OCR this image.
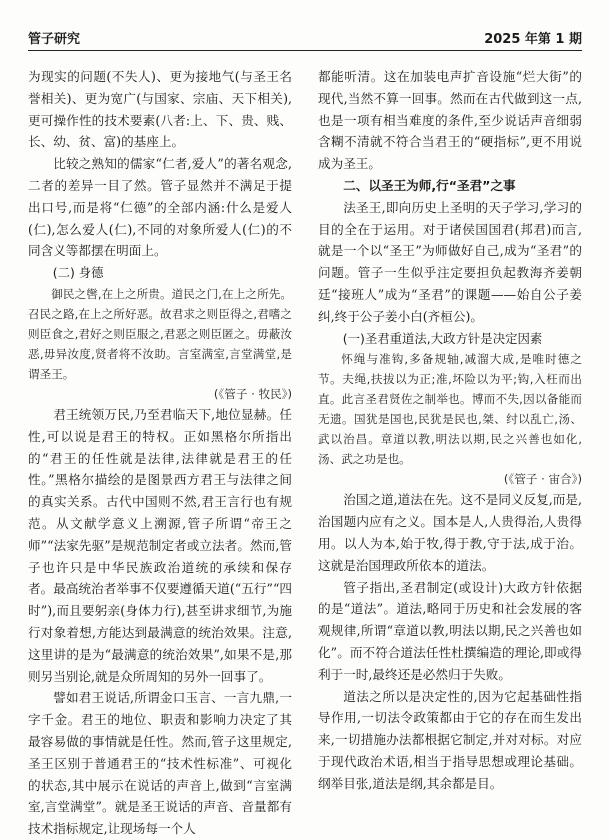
管子研究	2025 年第 1 期

为现实的问题(不失人)、更为接地气(与圣王名誉相关)、更为宽广(与国家、宗庙、天下相关),更可操作性的技术要素(八者:上、下、贵、贱、长、幼、贫、富)的基座上。

比较之熟知的儒家“仁者,爱人”的著名观念,二者的差异一目了然。管子显然并不满足于提出口号,而是将“仁德”的全部内涵:什么是爱人(仁),怎么爱人(仁),不同的对象所爱人(仁)的不同含义等都摆在明面上。

(二) 身德

御民之辔,在上之所贵。道民之门,在上之所先。召民之路,在上之所好恶。故君求之则臣得之,君嗜之则臣食之,君好之则臣服之,君恶之则臣匿之。毋蔽汝恶,毋异汝度,贤者将不汝助。言室满室,言堂满堂,是谓圣王。

(《管子 · 牧民》)

君王统领万民,乃至君临天下,地位显赫。任性,可以说是君王的特权。正如黑格尔所指出的“君王的任性就是法律,法律就是君王的任性。”黑格尔描绘的是图景西方君王与法律之间的真实关系。古代中国则不然,君王言行也有规范。从文献学意义上溯源,管子所谓“帝王之师”“法家先驱”是规范制定者或立法者。然而,管子也许只是中华民族政治道统的承续和保存者。最高统治者举事不仅要遵循天道(“五行”“四时”),而且要躬亲(身体力行),甚至讲求细节,为施行对象着想,方能达到最满意的统治效果。注意,这里讲的是为“最满意的统治效果”,如果不是,那则另当别论,就是众所周知的另外一回事了。

譬如君王说话,所谓金口玉言、一言九鼎,一字千金。君王的地位、职责和影响力决定了其最容易做的事情就是任性。然而,管子这里规定,圣王区别于普通君王的“技术性标准”、可视化的状态,其中展示在说话的声音上,做到“言室满室,言堂满堂”。就是圣王说话的声音、音量都有技术指标规定,让现场每一个人

都能听清。这在加装电声扩音设施“烂大街”的现代,当然不算一回事。然而在古代做到这一点,也是一项有相当难度的条件,至少说话声音细弱含糊不清就不符合当君王的“硬指标”,更不用说成为圣王。

二、以圣王为师,行“圣君”之事

法圣王,即向历史上圣明的天子学习,学习的目的全在于运用。对于诸侯国国君(邦君)而言,就是一个以“圣王”为师做好自己,成为“圣君”的问题。管子一生似乎注定要担负起教海齐姜朝廷“接班人”成为“圣君”的课题——始自公子姜纠,终于公子姜小白(齐桓公)。

(一)圣君重道法,大政方针是决定因素

怀绳与准钩,多备规轴,减溜大成,是唯时德之节。夫绳,扶拔以为正;准,坏险以为平;钩,入枉而出直。此言圣君贤佐之制举也。博而不失,因以备能而无遗。国犹是国也,民犹是民也,桀、纣以乱亡,汤、武以治昌。章道以教,明法以期,民之兴善也如化,汤、武之功是也。

(《管子 · 宙合》)

治国之道,道法在先。这不是同义反复,而是,治国题内应有之义。国本是人,人贵得治,人贵得用。以人为本,始于牧,得于教,守于法,成于治。这就是治国理政所依本的道法。

管子指出,圣君制定(或设计)大政方针依据的是“道法”。道法,略同于历史和社会发展的客观规律,所谓“章道以教,明法以期,民之兴善也如化”。而不符合道法任性杜撰编造的理论,即或得利于一时,最终还是必然归于失败。

道法之所以是决定性的,因为它起基础性指导作用,一切法令政策都由于它的存在而生发出来,一切措施办法都根据它制定,并对对标。对应于现代政治术语,相当于指导思想或理论基础。纲举目张,道法是纲,其余都是目。
